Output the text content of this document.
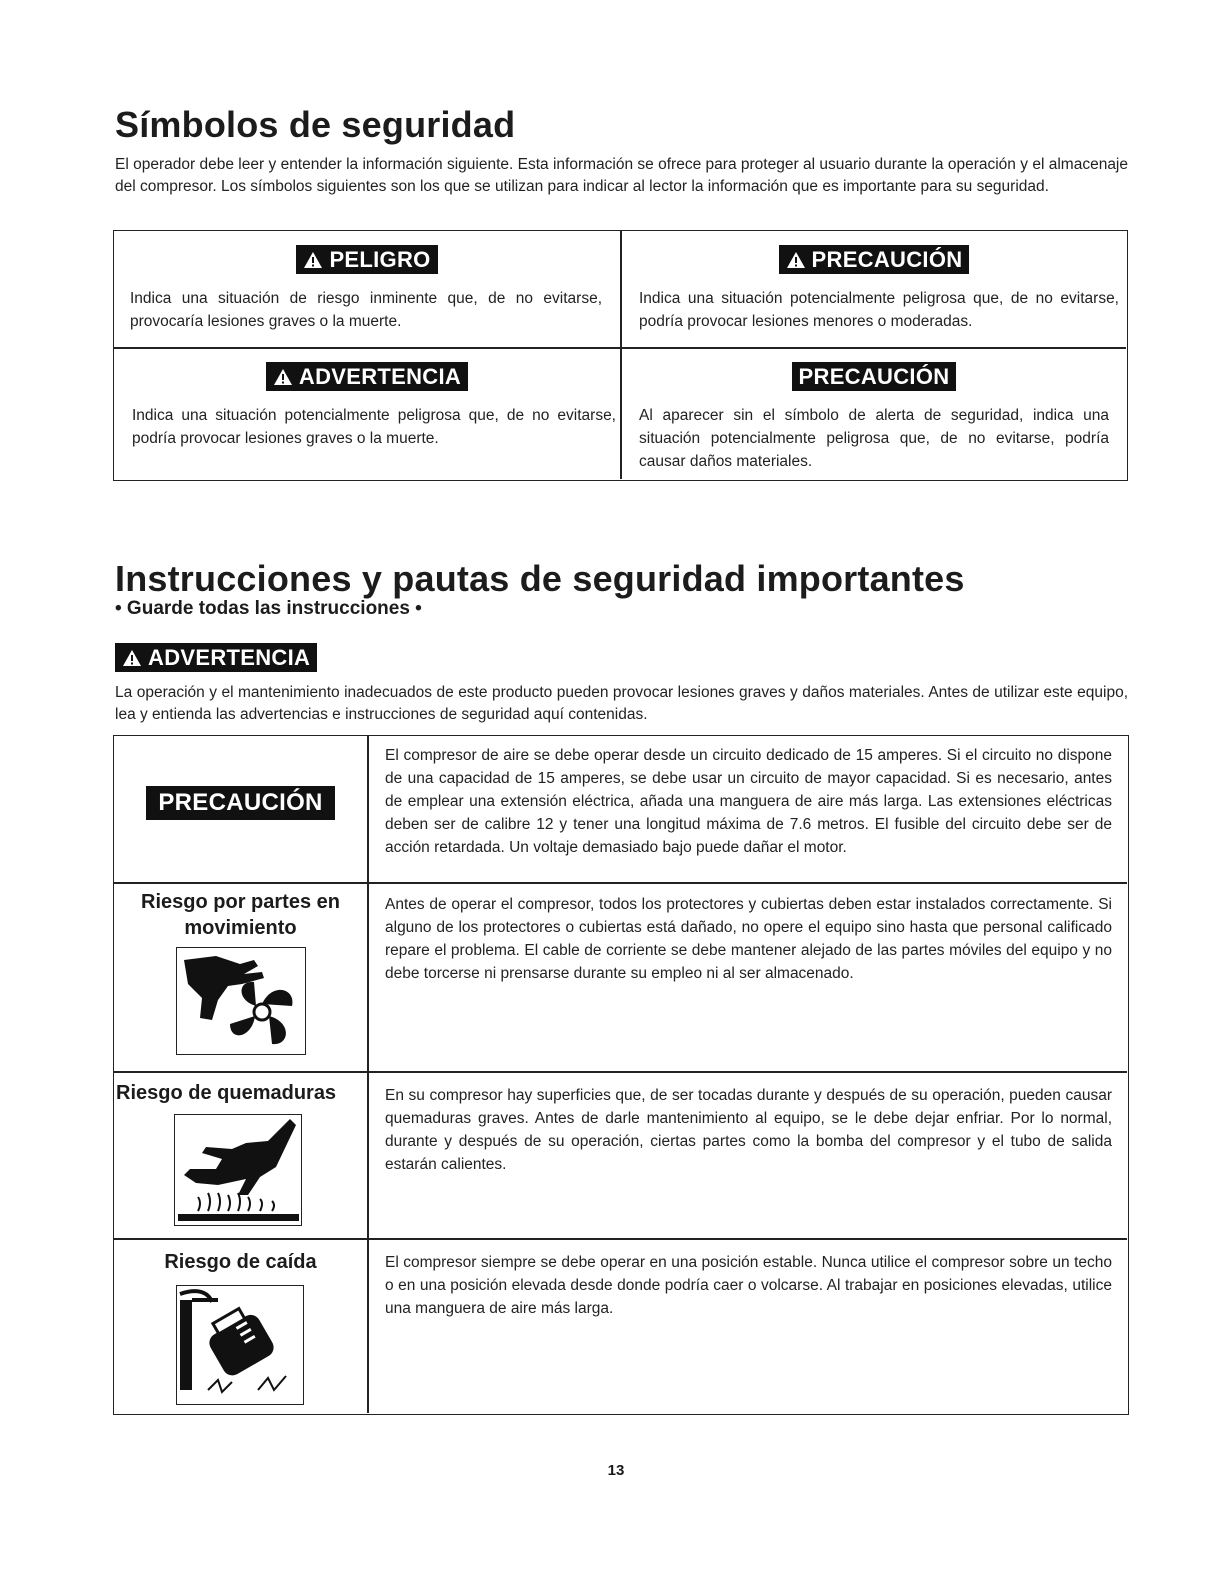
Símbolos de seguridad

El operador debe leer y entender la información siguiente. Esta información se ofrece para proteger al usuario durante la operación y el almacenaje del compresor. Los símbolos siguientes son los que se utilizan para indicar al lector la información que es importante para su seguridad.

PELIGRO

Indica una situación de riesgo inminente que, de no evitarse, provocaría lesiones graves o la muerte.

PRECAUCIÓN

Indica una situación potencialmente peligrosa que, de no evitarse, podría provocar lesiones menores o moderadas.

ADVERTENCIA

Indica una situación potencialmente peligrosa que, de no evitarse, podría provocar lesiones graves o la muerte.

PRECAUCIÓN

Al aparecer sin el símbolo de alerta de seguridad, indica una situación potencialmente peligrosa que, de no evitarse, podría causar daños materiales.

Instrucciones y pautas de seguridad importantes

• Guarde todas las instrucciones •

ADVERTENCIA

La operación y el mantenimiento inadecuados de este producto pueden provocar lesiones graves y daños materiales. Antes de utilizar este equipo, lea y entienda las advertencias e instrucciones de seguridad aquí contenidas.

PRECAUCIÓN

El compresor de aire se debe operar desde un circuito dedicado de 15 amperes. Si el circuito no dispone de una capacidad de 15 amperes, se debe usar un circuito de mayor capacidad. Si es necesario, antes de emplear una extensión eléctrica, añada una manguera de aire más larga. Las extensiones eléctricas deben ser de calibre 12 y tener una longitud máxima de 7.6 metros. El fusible del circuito debe ser de acción retardada. Un voltaje demasiado bajo puede dañar el motor.

Riesgo por partes en movimiento

Antes de operar el compresor, todos los protectores y cubiertas deben estar instalados correctamente. Si alguno de los protectores o cubiertas está dañado, no opere el equipo sino hasta que personal calificado repare el problema. El cable de corriente se debe mantener alejado de las partes móviles del equipo y no debe torcerse ni prensarse durante su empleo ni al ser almacenado.

Riesgo de quemaduras	En su compresor hay superficies que, de ser tocadas durante y después de su operación, pueden causar quemaduras graves. Antes de darle mantenimiento al equipo, se le debe dejar enfriar. Por lo normal, durante y después de su operación, ciertas partes como la bomba del compresor y el tubo de salida estarán calientes.

Riesgo de caída	El compresor siempre se debe operar en una posición estable. Nunca utilice el compresor sobre un techo o en una posición elevada desde donde podría caer o volcarse. Al trabajar en posiciones elevadas, utilice una manguera de aire más larga.

13
